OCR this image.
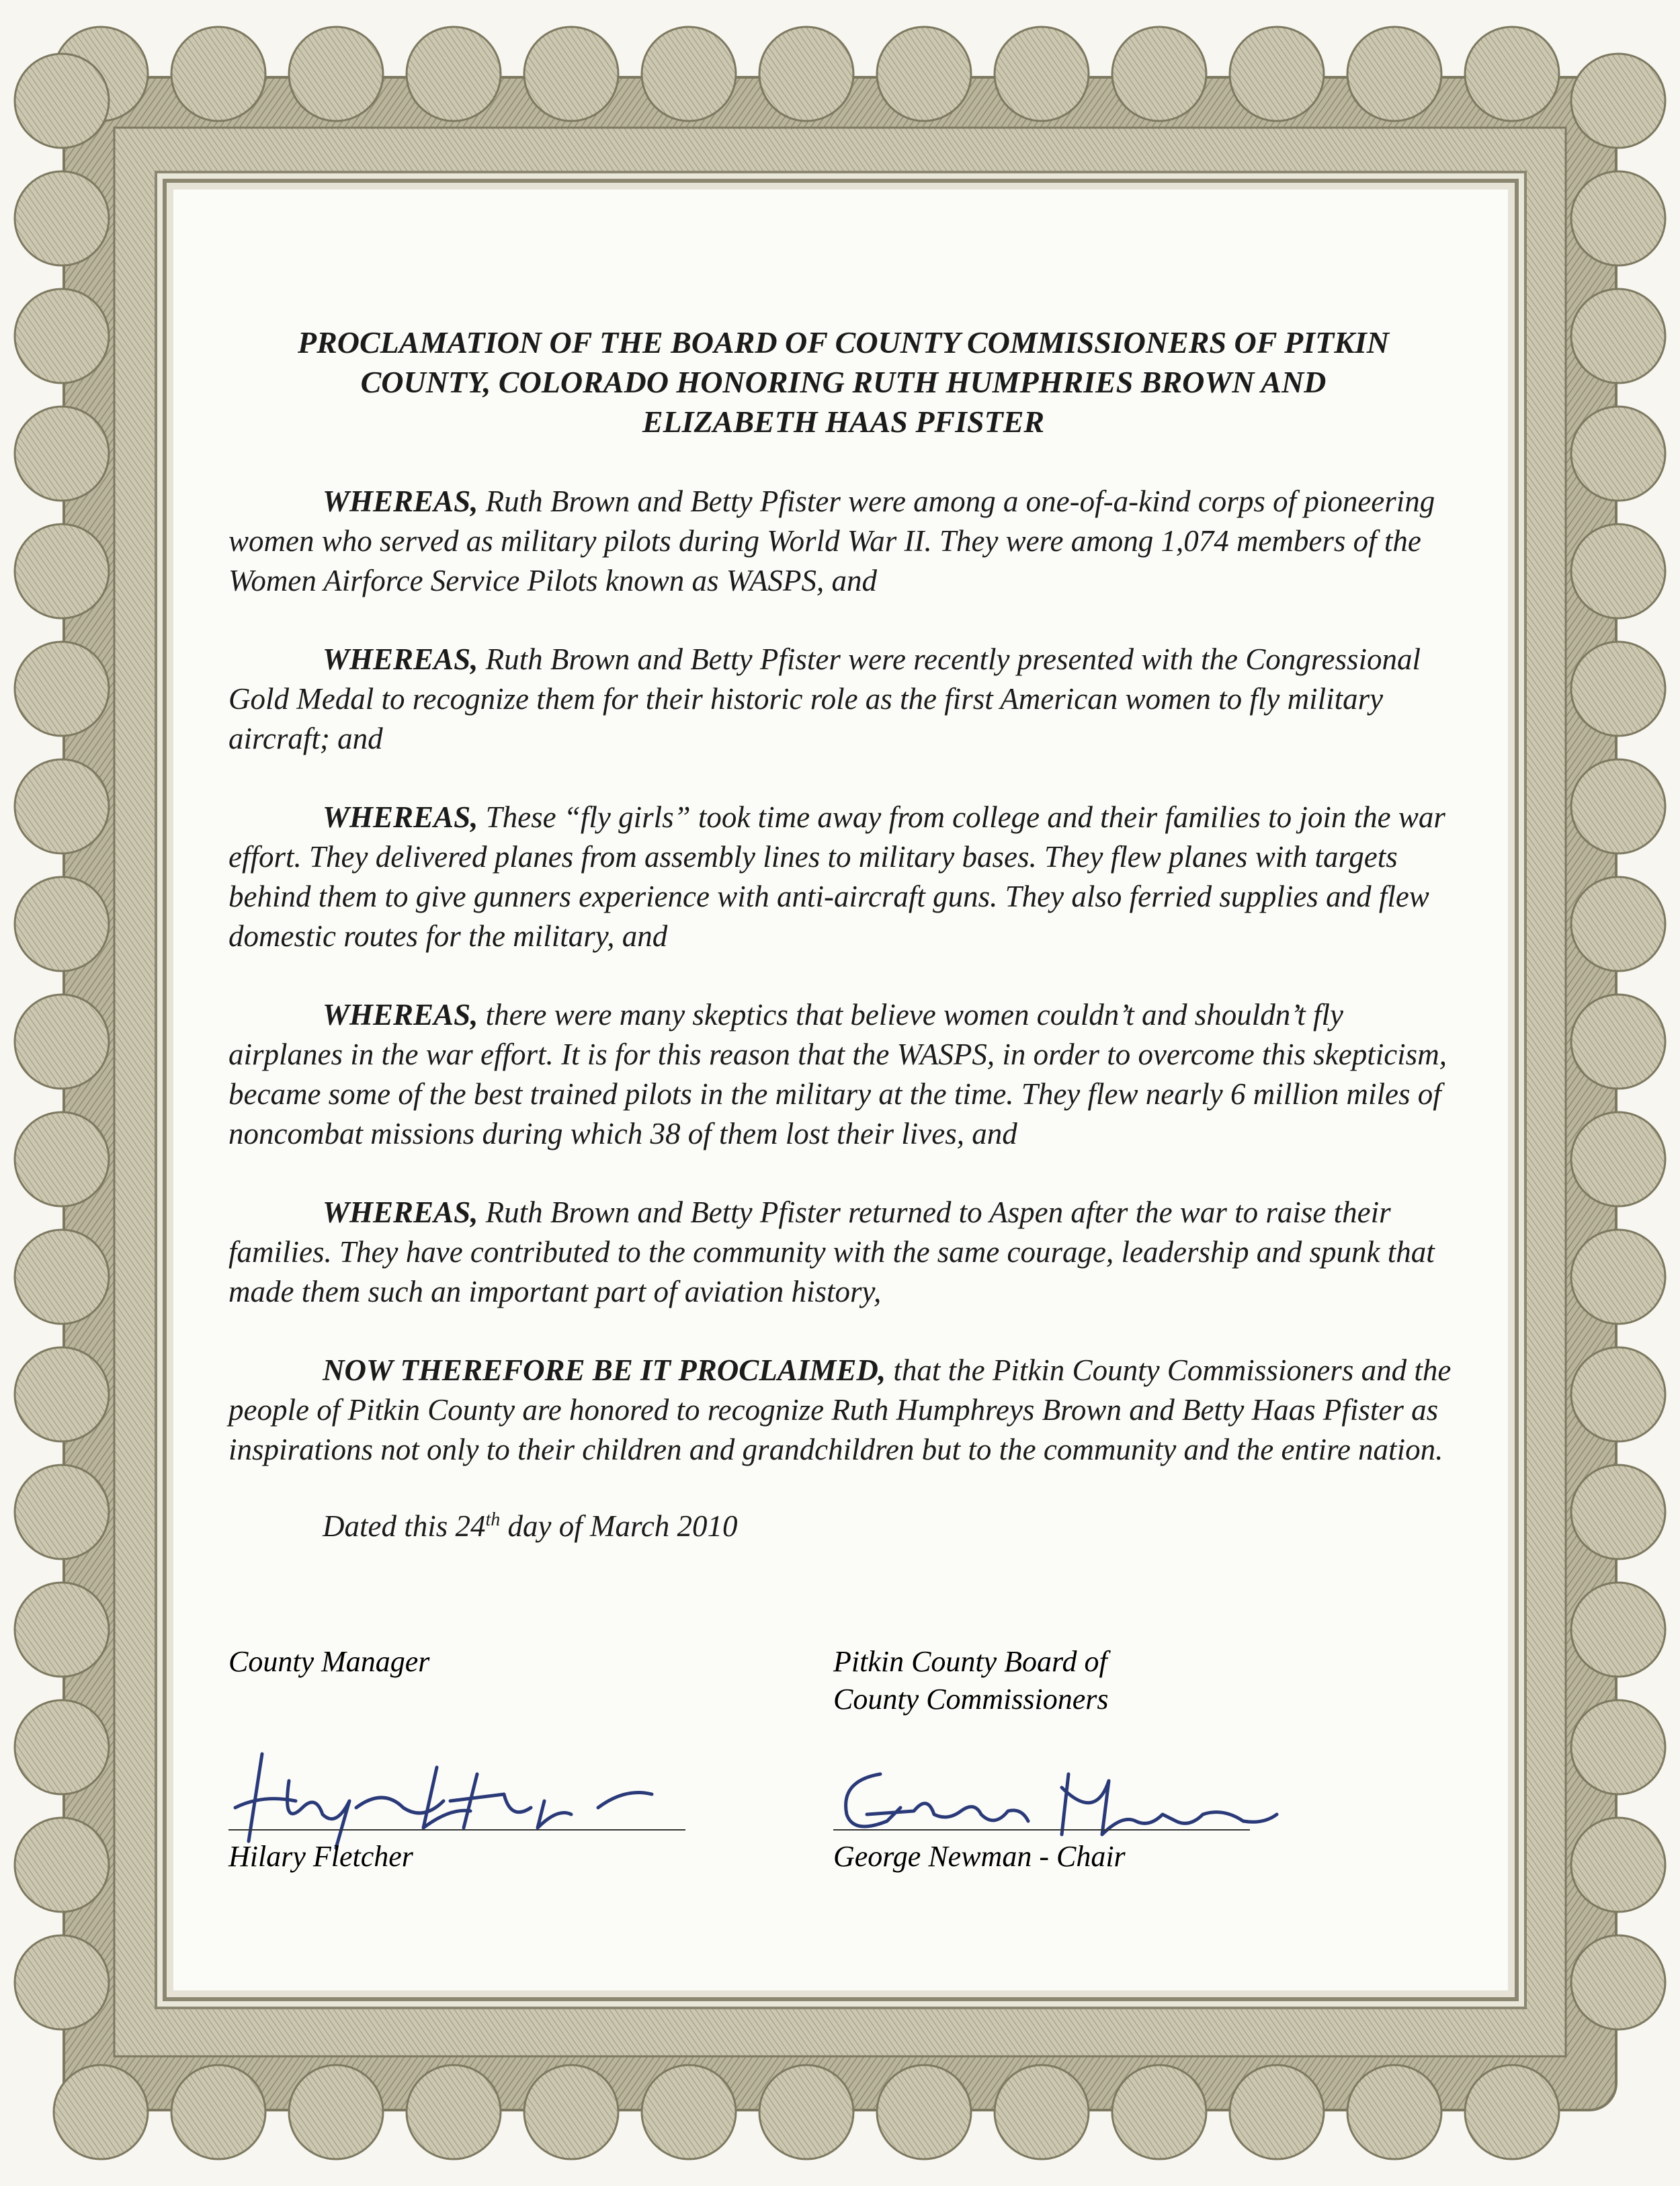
PROCLAMATION OF THE BOARD OF COUNTY COMMISSIONERS OF PITKIN
COUNTY, COLORADO HONORING RUTH HUMPHRIES BROWN AND
ELIZABETH HAAS PFISTER

WHEREAS, Ruth Brown and Betty Pfister were among a one-of-a-kind corps of pioneering women who served as military pilots during World War II. They were among 1,074 members of the Women Airforce Service Pilots known as WASPS, and

WHEREAS, Ruth Brown and Betty Pfister were recently presented with the Congressional Gold Medal to recognize them for their historic role as the first American women to fly military aircraft; and

WHEREAS, These “fly girls” took time away from college and their families to join the war effort. They delivered planes from assembly lines to military bases. They flew planes with targets behind them to give gunners experience with anti-aircraft guns. They also ferried supplies and flew domestic routes for the military, and

WHEREAS, there were many skeptics that believe women couldn’t and shouldn’t fly airplanes in the war effort. It is for this reason that the WASPS, in order to overcome this skepticism, became some of the best trained pilots in the military at the time. They flew nearly 6 million miles of noncombat missions during which 38 of them lost their lives, and

WHEREAS, Ruth Brown and Betty Pfister returned to Aspen after the war to raise their families. They have contributed to the community with the same courage, leadership and spunk that made them such an important part of aviation history,

NOW THEREFORE BE IT PROCLAIMED, that the Pitkin County Commissioners and the people of Pitkin County are honored to recognize Ruth Humphreys Brown and Betty Haas Pfister as inspirations not only to their children and grandchildren but to the community and the entire nation.

Dated this 24th day of March 2010
County Manager
Hilary Fletcher
Pitkin County Board of
County Commissioners
George Newman - Chair
